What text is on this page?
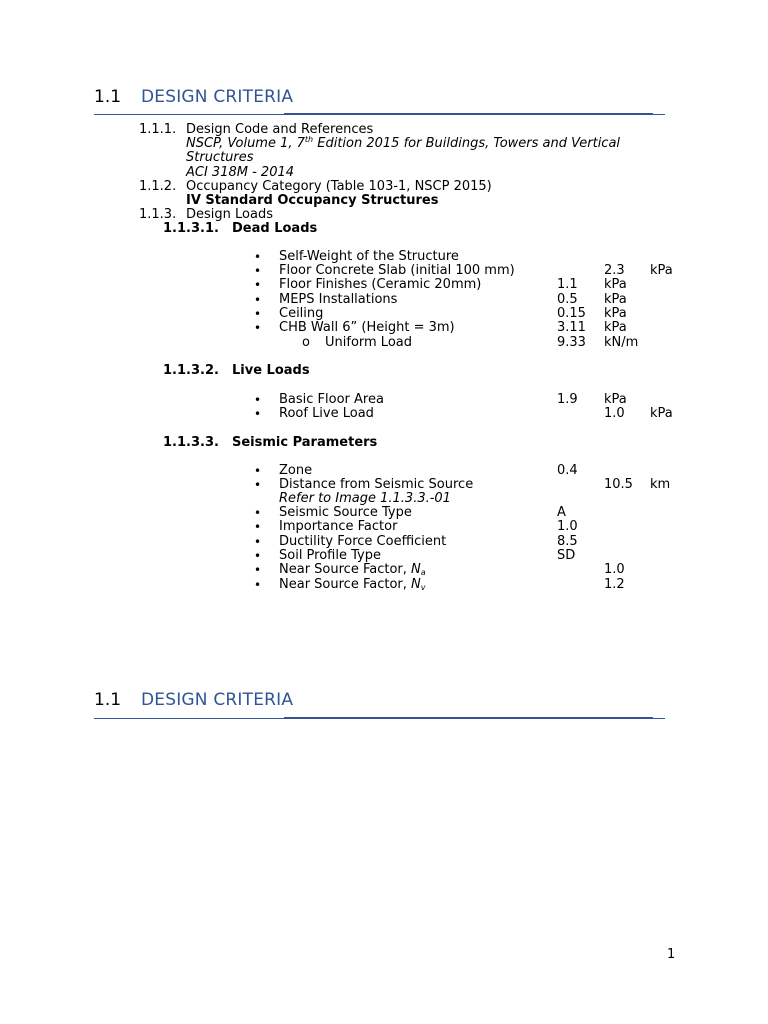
1.1 DESIGN CRITERIA
1.1.1. Design Code and References
NSCP, Volume 1, 7th Edition 2015 for Buildings, Towers and Vertical
Structures
ACI 318M - 2014
1.1.2. Occupancy Category (Table 103-1, NSCP 2015)
IV Standard Occupancy Structures
1.1.3. Design Loads
1.1.3.1. Dead Loads
• Self-Weight of the Structure
• Floor Concrete Slab (initial 100 mm)	2.3 kPa
• Floor Finishes (Ceramic 20mm)	1.1 kPa
• MEPS Installations	0.5 kPa
• Ceiling	0.15 kPa
• CHB Wall 6” (Height = 3m)	3.11 kPa
o Uniform Load	9.33 kN/m
1.1.3.2. Live Loads
• Basic Floor Area	1.9 kPa
• Roof Live Load	1.0 kPa
1.1.3.3. Seismic Parameters
• Zone	0.4
• Distance from Seismic Source	10.5 km
Refer to Image 1.1.3.3.-01
• Seismic Source Type	A
• Importance Factor	1.0
• Ductility Force Coefficient	8.5
• Soil Profile Type	SD
• Near Source Factor, $N_a$	1.0
• Near Source Factor, $N_v$	1.2
1.1 DESIGN CRITERIA
1
